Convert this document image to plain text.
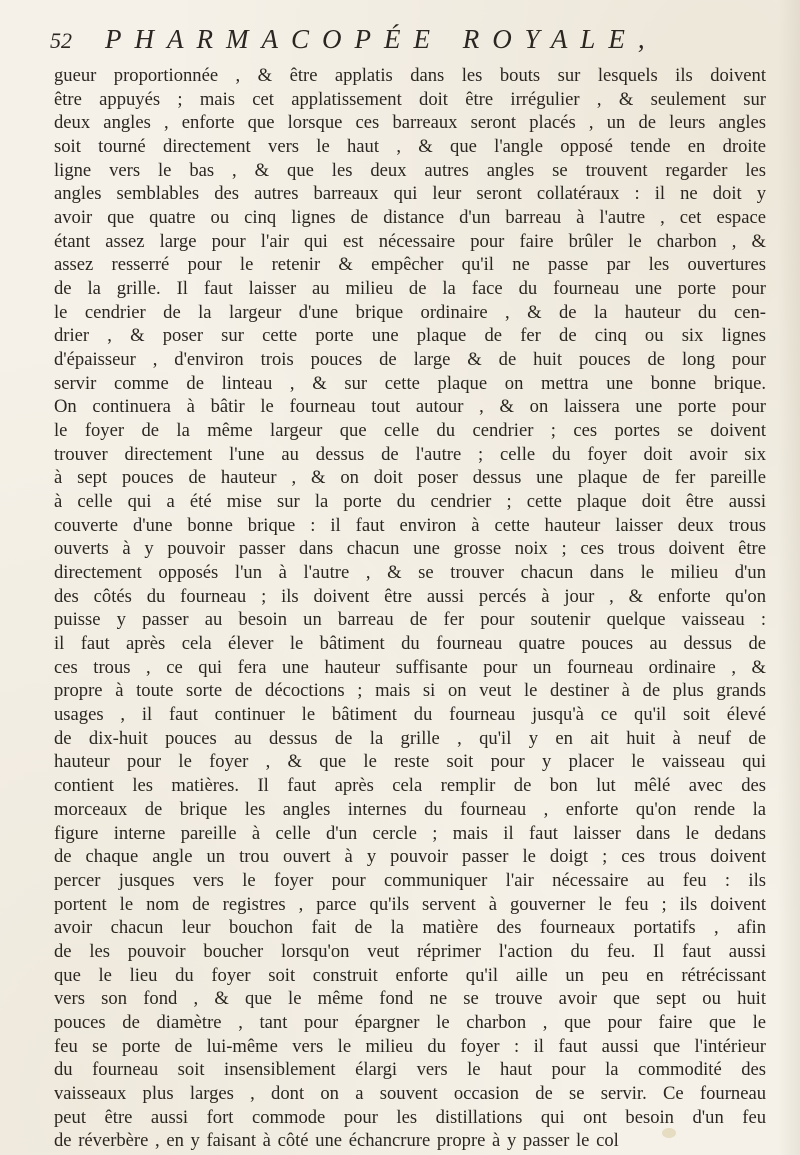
52 PHARMACOPÉE ROYALE,
gueur proportionnée , & être applatis dans les bouts sur lesquels ils doivent
être appuyés ; mais cet applatissement doit être irrégulier , & seulement sur
deux angles , enforte que lorsque ces barreaux seront placés , un de leurs angles
soit tourné directement vers le haut , & que l'angle opposé tende en droite
ligne vers le bas , & que les deux autres angles se trouvent regarder les
angles semblables des autres barreaux qui leur seront collatéraux : il ne doit y
avoir que quatre ou cinq lignes de distance d'un barreau à l'autre , cet espace
étant assez large pour l'air qui est nécessaire pour faire brûler le charbon , &
assez resserré pour le retenir & empêcher qu'il ne passe par les ouvertures
de la grille. Il faut laisser au milieu de la face du fourneau une porte pour
le cendrier de la largeur d'une brique ordinaire , & de la hauteur du cen-
drier , & poser sur cette porte une plaque de fer de cinq ou six lignes
d'épaisseur , d'environ trois pouces de large & de huit pouces de long pour
servir comme de linteau , & sur cette plaque on mettra une bonne brique.
On continuera à bâtir le fourneau tout autour , & on laissera une porte pour
le foyer de la même largeur que celle du cendrier ; ces portes se doivent
trouver directement l'une au dessus de l'autre ; celle du foyer doit avoir six
à sept pouces de hauteur , & on doit poser dessus une plaque de fer pareille
à celle qui a été mise sur la porte du cendrier ; cette plaque doit être aussi
couverte d'une bonne brique : il faut environ à cette hauteur laisser deux trous
ouverts à y pouvoir passer dans chacun une grosse noix ; ces trous doivent être
directement opposés l'un à l'autre , & se trouver chacun dans le milieu d'un
des côtés du fourneau ; ils doivent être aussi percés à jour , & enforte qu'on
puisse y passer au besoin un barreau de fer pour soutenir quelque vaisseau :
il faut après cela élever le bâtiment du fourneau quatre pouces au dessus de
ces trous , ce qui fera une hauteur suffisante pour un fourneau ordinaire , &
propre à toute sorte de décoctions ; mais si on veut le destiner à de plus grands
usages , il faut continuer le bâtiment du fourneau jusqu'à ce qu'il soit élevé
de dix-huit pouces au dessus de la grille , qu'il y en ait huit à neuf de
hauteur pour le foyer , & que le reste soit pour y placer le vaisseau qui
contient les matières. Il faut après cela remplir de bon lut mêlé avec des
morceaux de brique les angles internes du fourneau , enforte qu'on rende la
figure interne pareille à celle d'un cercle ; mais il faut laisser dans le dedans
de chaque angle un trou ouvert à y pouvoir passer le doigt ; ces trous doivent
percer jusques vers le foyer pour communiquer l'air nécessaire au feu : ils
portent le nom de registres , parce qu'ils servent à gouverner le feu ; ils doivent
avoir chacun leur bouchon fait de la matière des fourneaux portatifs , afin
de les pouvoir boucher lorsqu'on veut réprimer l'action du feu. Il faut aussi
que le lieu du foyer soit construit enforte qu'il aille un peu en rétrécissant
vers son fond , & que le même fond ne se trouve avoir que sept ou huit
pouces de diamètre , tant pour épargner le charbon , que pour faire que le
feu se porte de lui-même vers le milieu du foyer : il faut aussi que l'intérieur
du fourneau soit insensiblement élargi vers le haut pour la commodité des
vaisseaux plus larges , dont on a souvent occasion de se servir. Ce fourneau
peut être aussi fort commode pour les distillations qui ont besoin d'un feu
de réverbère , en y faisant à côté une échancrure propre à y passer le col
